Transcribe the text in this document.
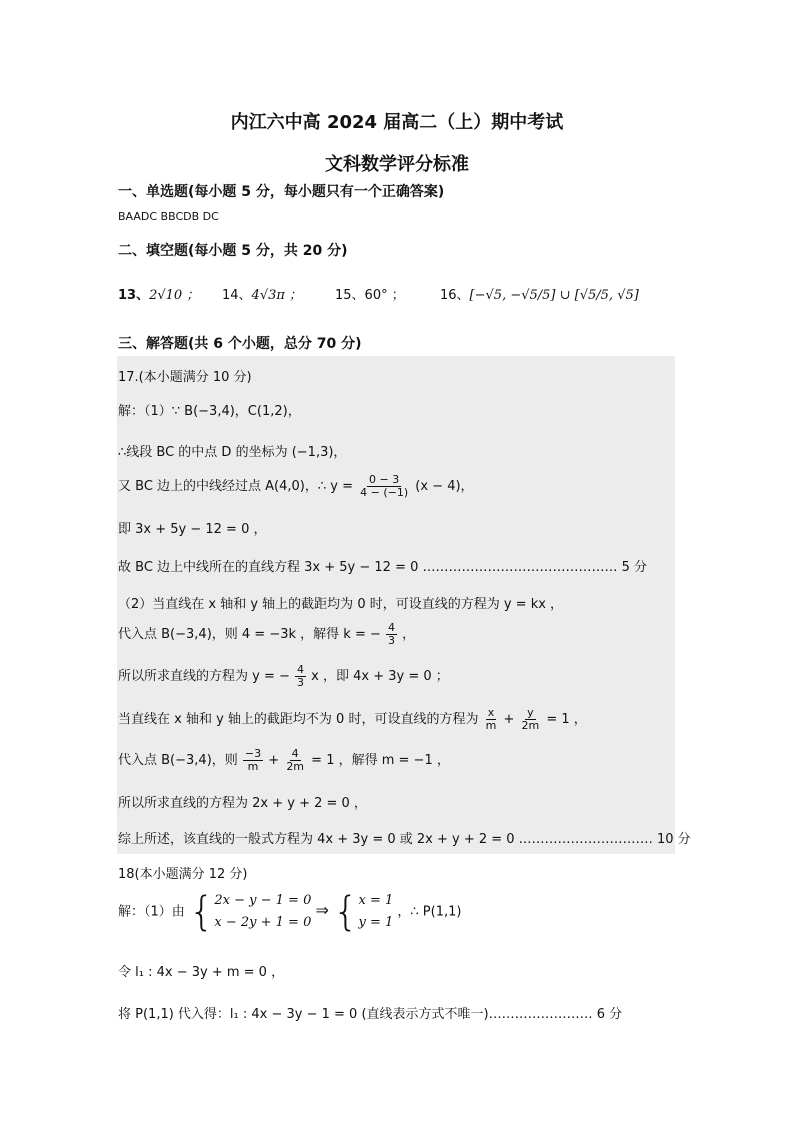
内江六中高 2024 届高二（上）期中考试
文科数学评分标准
一、单选题(每小题 5 分，每小题只有一个正确答案)
BAADC BBCDB DC
二、填空题(每小题 5 分，共 20 分)
13、2√10 ； 14、4√3π ；	15、60° ；	16、[−√5, −√5/5] ∪ [√5/5, √5]
三、解答题(共 6 个小题，总分 70 分)
17.(本小题满分 10 分)
解：（1）∵ B(−3,4)，C(1,2)，
∴线段 BC 的中点 D 的坐标为 (−1,3)，
又 BC 边上的中线经过点 A(4,0)，∴ $y = \frac{0 - 3}{4 - (-1)} (x - 4)$，
即 3x + 5y − 12 = 0 ，
故 BC 边上中线所在的直线方程 3x + 5y − 12 = 0 ……………………………………… 5 分
（2）当直线在 x 轴和 y 轴上的截距均为 0 时，可设直线的方程为 y = kx ，
代入点 B(−3,4)，则 4 = −3k ，解得 k = − $\frac{4}{3}$ ，
所以所求直线的方程为 y = − $\frac{4}{3}$ x ，即 4x + 3y = 0 ；
当直线在 x 轴和 y 轴上的截距均不为 0 时，可设直线的方程为 $\frac{x}{m} + \frac{y}{2m} = 1$ ，
代入点 B(−3,4)，则 $\frac{-3}{m} + \frac{4}{2m} = 1$ ，解得 m = −1 ，
所以所求直线的方程为 2x + y + 2 = 0 ，
综上所述，该直线的一般式方程为 4x + 3y = 0 或 2x + y + 2 = 0 .………………………… 10 分
18(本小题满分 12 分)
解：（1）由 { 2x − y − 1 = 0
x − 2y + 1 = 0
⇒ { x = 1
y = 1
，∴ P(1,1)
令 l₁ : 4x − 3y + m = 0 ，
将 P(1,1) 代入得：l₁ : 4x − 3y − 1 = 0 (直线表示方式不唯一)…………………… 6 分
